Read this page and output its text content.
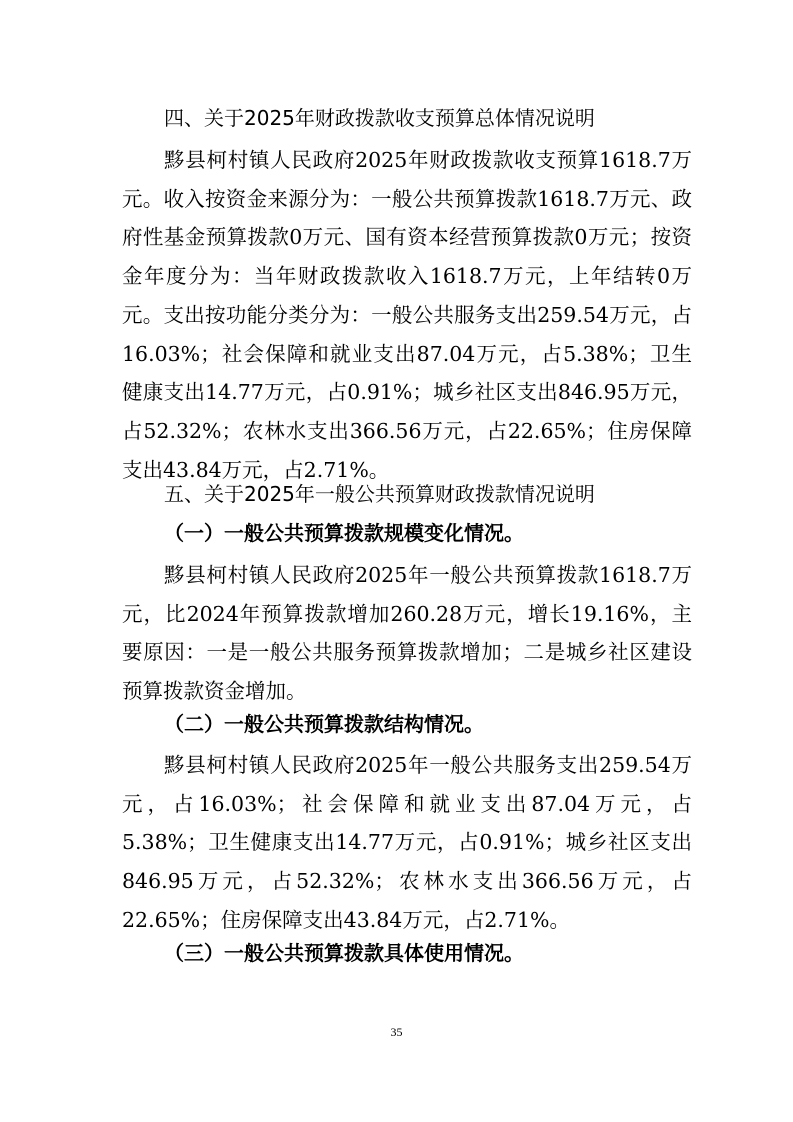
四、关于2025年财政拨款收支预算总体情况说明
黟县柯村镇人民政府2025年财政拨款收支预算1618.7万元。收入按资金来源分为：一般公共预算拨款1618.7万元、政府性基金预算拨款0万元、国有资本经营预算拨款0万元；按资金年度分为：当年财政拨款收入1618.7万元，上年结转0万元。支出按功能分类分为：一般公共服务支出259.54万元，占16.03%；社会保障和就业支出87.04万元，占5.38%；卫生健康支出14.77万元，占0.91%；城乡社区支出846.95万元，占52.32%；农林水支出366.56万元，占22.65%；住房保障支出43.84万元，占2.71%。
五、关于2025年一般公共预算财政拨款情况说明
（一）一般公共预算拨款规模变化情况。
黟县柯村镇人民政府2025年一般公共预算拨款1618.7万元，比2024年预算拨款增加260.28万元，增长19.16%，主要原因：一是一般公共服务预算拨款增加；二是城乡社区建设预算拨款资金增加。
（二）一般公共预算拨款结构情况。
黟县柯村镇人民政府2025年一般公共服务支出259.54万元，占16.03%；社会保障和就业支出87.04万元，占5.38%；卫生健康支出14.77万元，占0.91%；城乡社区支出846.95万元，占52.32%；农林水支出366.56万元，占22.65%；住房保障支出43.84万元，占2.71%。
（三）一般公共预算拨款具体使用情况。
35
